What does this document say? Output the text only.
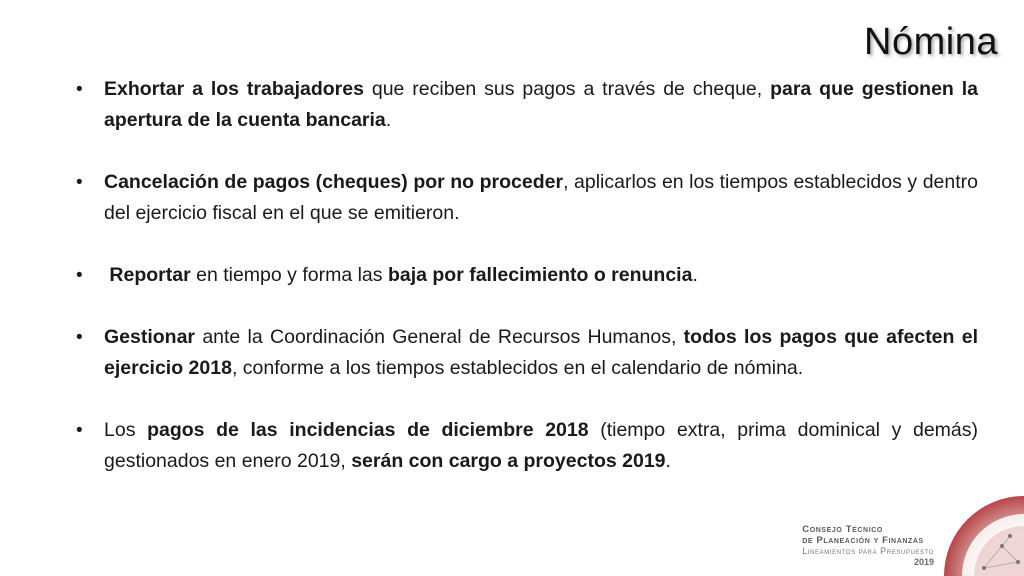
Nómina
• Exhortar a los trabajadores que reciben sus pagos a través de cheque, para que gestionen la apertura de la cuenta bancaria.
• Cancelación de pagos (cheques) por no proceder, aplicarlos en los tiempos establecidos y dentro del ejercicio fiscal en el que se emitieron.
• Reportar en tiempo y forma las baja por fallecimiento o renuncia.
• Gestionar ante la Coordinación General de Recursos Humanos, todos los pagos que afecten el ejercicio 2018, conforme a los tiempos establecidos en el calendario de nómina.
• Los pagos de las incidencias de diciembre 2018 (tiempo extra, prima dominical y demás) gestionados en enero 2019, serán con cargo a proyectos 2019.
Consejo Técnico
de Planeación y Finanzas
Lineamientos para Presupuesto
2019
